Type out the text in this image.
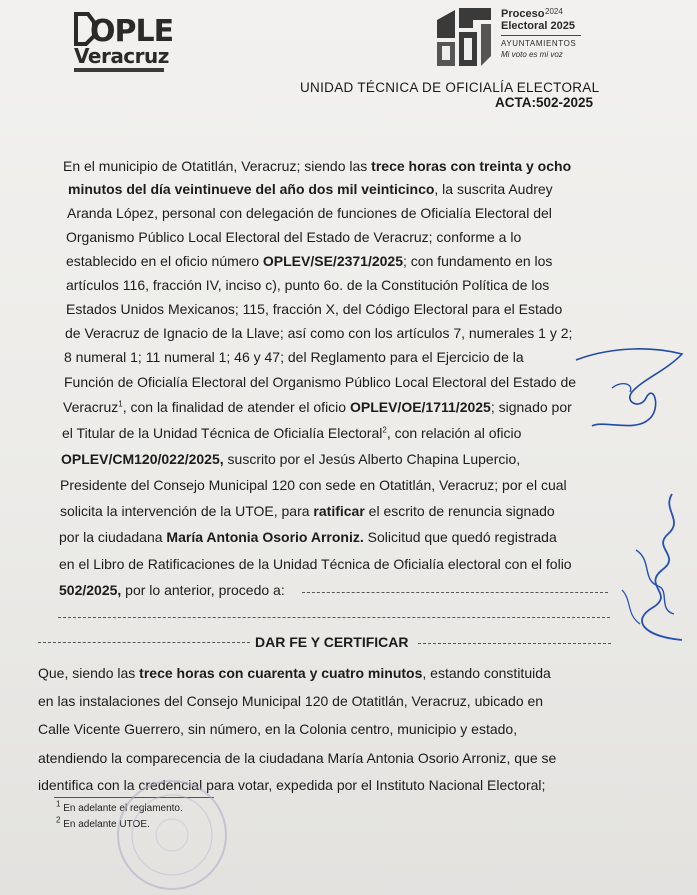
OPLE
Veracruz
Proceso 2024
Electoral 2025
AYUNTAMIENTOS
Mi voto es mi voz
UNIDAD TÉCNICA DE OFICIALÍA ELECTORAL
ACTA:502-2025
En el municipio de Otatitlán, Veracruz; siendo las trece horas con treinta y ocho
minutos del día veintinueve del año dos mil veinticinco, la suscrita Audrey
Aranda López, personal con delegación de funciones de Oficialía Electoral del
Organismo Público Local Electoral del Estado de Veracruz; conforme a lo
establecido en el oficio número OPLEV/SE/2371/2025; con fundamento en los
artículos 116, fracción IV, inciso c), punto 6o. de la Constitución Política de los
Estados Unidos Mexicanos; 115, fracción X, del Código Electoral para el Estado
de Veracruz de Ignacio de la Llave; así como con los artículos 7, numerales 1 y 2;
8 numeral 1; 11 numeral 1; 46 y 47; del Reglamento para el Ejercicio de la
Función de Oficialía Electoral del Organismo Público Local Electoral del Estado de
Veracruz$^1$, con la finalidad de atender el oficio OPLEV/OE/1711/2025; signado por
el Titular de la Unidad Técnica de Oficialía Electoral$^2$, con relación al oficio
OPLEV/CM120/022/2025, suscrito por el Jesús Alberto Chapina Lupercio,
Presidente del Consejo Municipal 120 con sede en Otatitlán, Veracruz; por el cual
solicita la intervención de la UTOE, para ratificar el escrito de renuncia signado
por la ciudadana María Antonia Osorio Arroniz. Solicitud que quedó registrada
en el Libro de Ratificaciones de la Unidad Técnica de Oficialía electoral con el folio
502/2025, por lo anterior, procedo a:
DAR FE Y CERTIFICAR
Que, siendo las trece horas con cuarenta y cuatro minutos, estando constituida
en las instalaciones del Consejo Municipal 120 de Otatitlán, Veracruz, ubicado en
Calle Vicente Guerrero, sin número, en la Colonia centro, municipio y estado,
atendiendo la comparecencia de la ciudadana María Antonia Osorio Arroniz, que se
identifica con la credencial para votar, expedida por el Instituto Nacional Electoral;
$^1$ En adelante el reglamento.
$^2$ En adelante UTOE.
